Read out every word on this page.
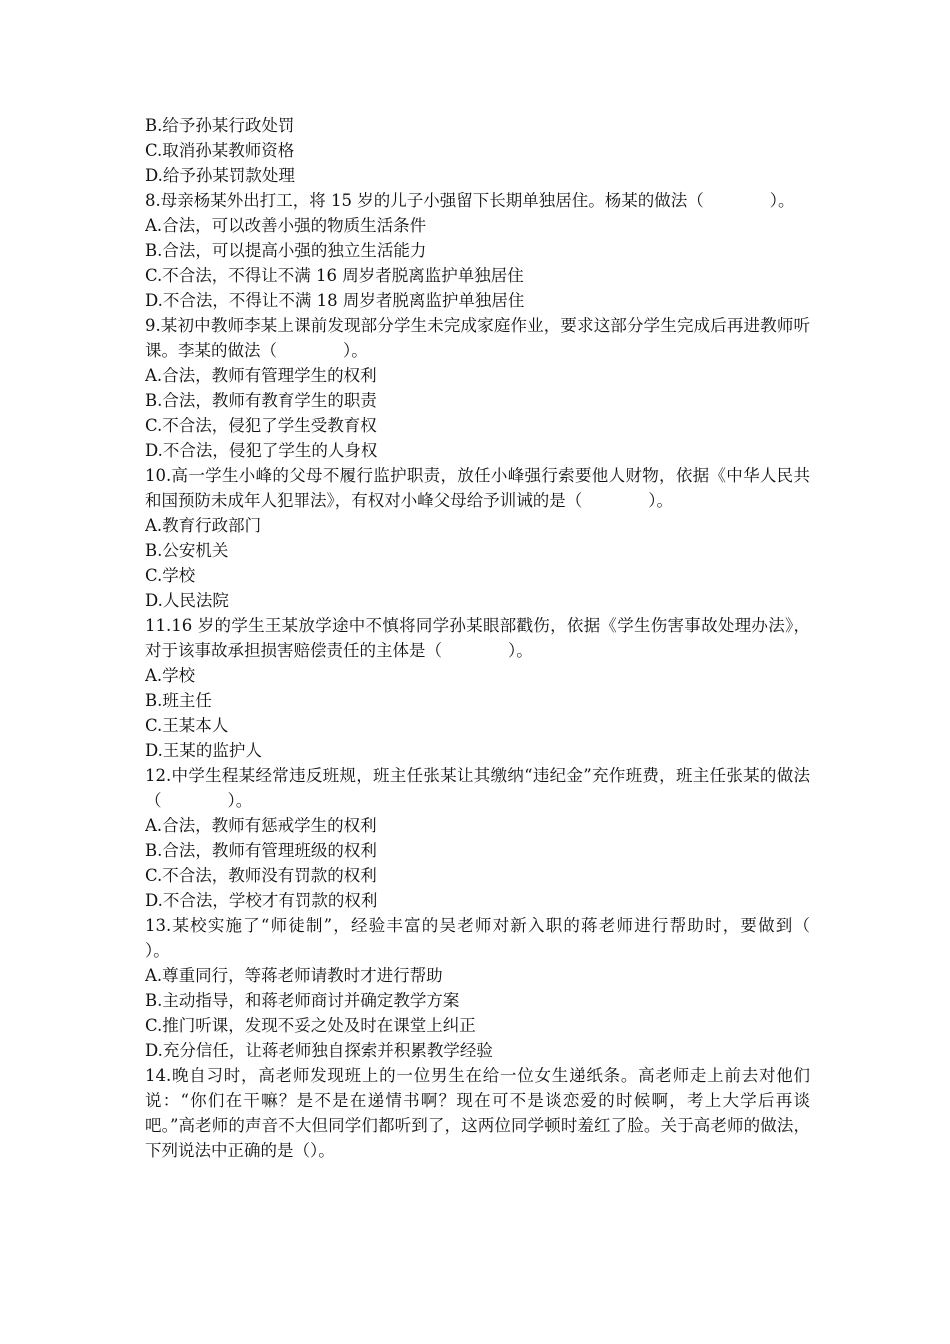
B.给予孙某行政处罚
C.取消孙某教师资格
D.给予孙某罚款处理
8.母亲杨某外出打工，将 15 岁的儿子小强留下长期单独居住。杨某的做法（　　　　）。
A.合法，可以改善小强的物质生活条件
B.合法，可以提高小强的独立生活能力
C.不合法，不得让不满 16 周岁者脱离监护单独居住
D.不合法，不得让不满 18 周岁者脱离监护单独居住
9.某初中教师李某上课前发现部分学生未完成家庭作业，要求这部分学生完成后再进教师听课。李某的做法（　　　　）。
A.合法，教师有管理学生的权利
B.合法，教师有教育学生的职责
C.不合法，侵犯了学生受教育权
D.不合法，侵犯了学生的人身权
10.高一学生小峰的父母不履行监护职责，放任小峰强行索要他人财物，依据《中华人民共和国预防未成年人犯罪法》，有权对小峰父母给予训诫的是（　　　　）。
A.教育行政部门
B.公安机关
C.学校
D.人民法院
11.16 岁的学生王某放学途中不慎将同学孙某眼部戳伤，依据《学生伤害事故处理办法》，对于该事故承担损害赔偿责任的主体是（　　　　）。
A.学校
B.班主任
C.王某本人
D.王某的监护人
12.中学生程某经常违反班规，班主任张某让其缴纳“违纪金”充作班费，班主任张某的做法（　　　　）。
A.合法，教师有惩戒学生的权利
B.合法，教师有管理班级的权利
C.不合法，教师没有罚款的权利
D.不合法，学校才有罚款的权利
13.某校实施了“师徒制”，经验丰富的吴老师对新入职的蒋老师进行帮助时，要做到（　　　　）。
A.尊重同行，等蒋老师请教时才进行帮助
B.主动指导，和蒋老师商讨并确定教学方案
C.推门听课，发现不妥之处及时在课堂上纠正
D.充分信任，让蒋老师独自探索并积累教学经验
14.晚自习时，高老师发现班上的一位男生在给一位女生递纸条。高老师走上前去对他们说：“你们在干嘛？是不是在递情书啊？现在可不是谈恋爱的时候啊，考上大学后再谈吧。”高老师的声音不大但同学们都听到了，这两位同学顿时羞红了脸。关于高老师的做法，下列说法中正确的是（）。
